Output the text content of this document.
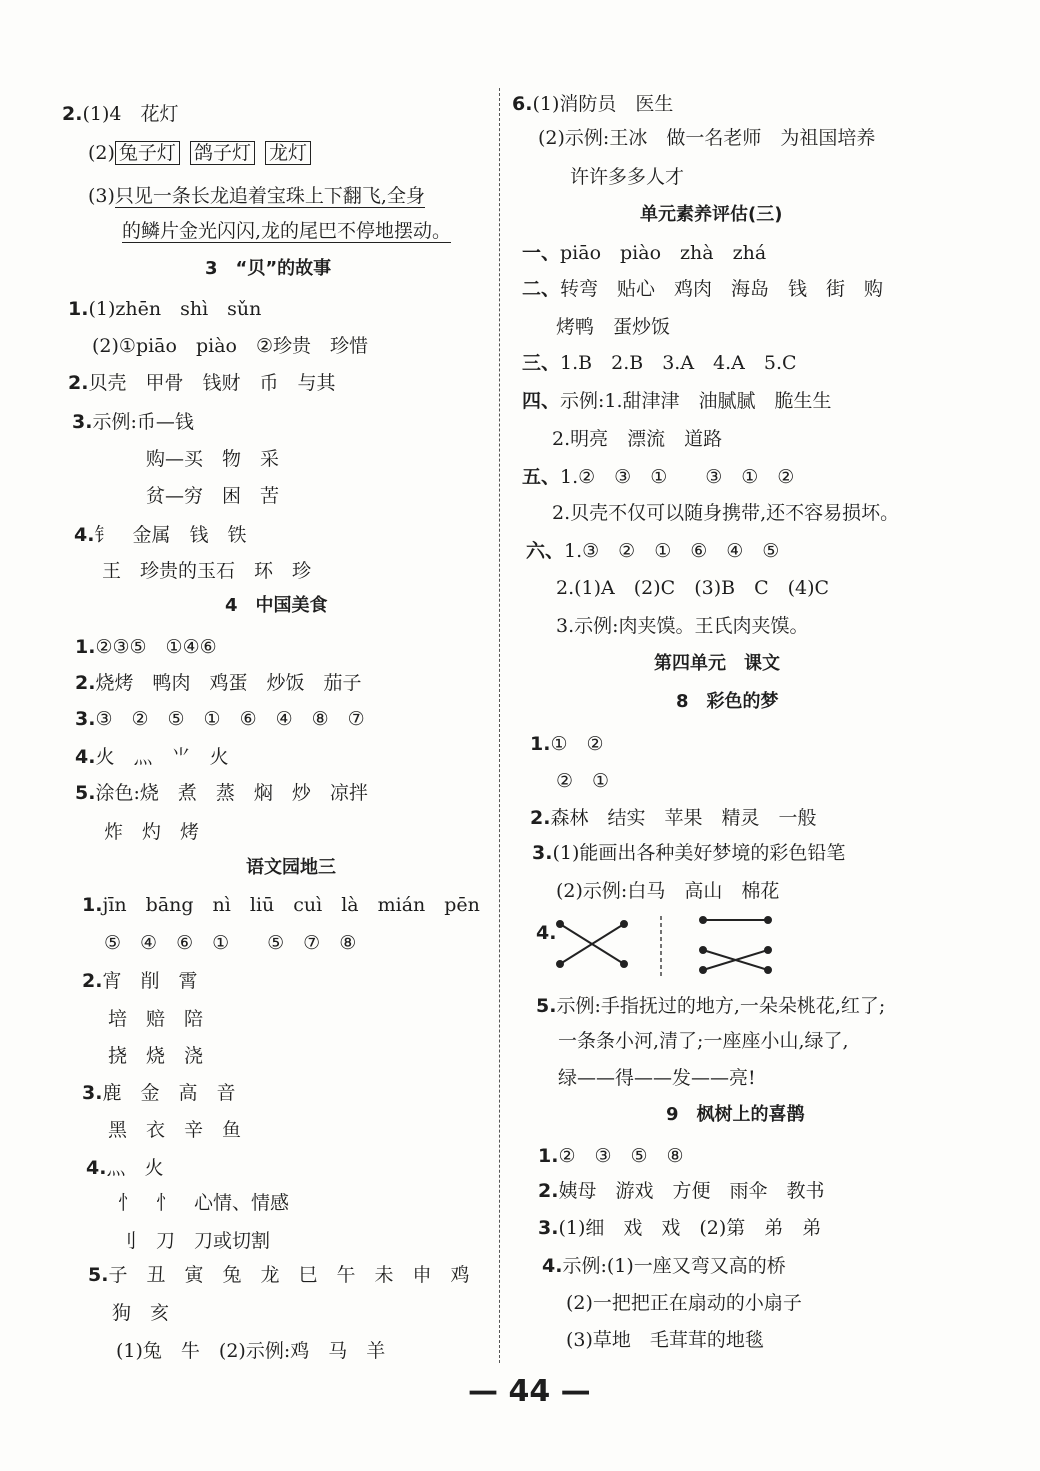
2.(1)4　花灯
(2) 兔子灯 鸽子灯 龙灯
(3)只见一条长龙追着宝珠上下翻飞,全身
的鳞片金光闪闪,龙的尾巴不停地摆动。
3　“贝”的故事
1.(1)zhēn　shì　sǔn
(2)①piāo　piào　②珍贵　珍惜
2.贝壳　甲骨　钱财　币　与其
3.示例:币—钱
购—买　物　采
贫—穷　困　苦
4.钅　金属　钱　铁
王　珍贵的玉石　环　珍
4　中国美食
1.②③⑤　①④⑥
2.烧烤　鸭肉　鸡蛋　炒饭　茄子
3.③　②　⑤　①　⑥　④　⑧　⑦
4.火　灬　⺌　火
5.涂色:烧　煮　蒸　焖　炒　凉拌
炸　灼　烤
语文园地三
1.jīn　bāng　nì　liū　cuì　là　mián　pēn
⑤　④　⑥　①　　⑤　⑦　⑧
2.宵　削　霄
培　赔　陪
挠　烧　浇
3.鹿　金　高　音
黑　衣　辛　鱼
4.灬　火
忄　忄　心情、情感
刂　刀　刀或切割
5.子　丑　寅　兔　龙　巳　午　未　申　鸡
狗　亥
(1)兔　牛　(2)示例:鸡　马　羊
6.(1)消防员　医生
(2)示例:王冰　做一名老师　为祖国培养
许许多多人才
单元素养评估(三)
一、piāo　piào　zhà　zhá
二、转弯　贴心　鸡肉　海岛　钱　街　购
烤鸭　蛋炒饭
三、1.B　2.B　3.A　4.A　5.C
四、示例:1.甜津津　油腻腻　脆生生
2.明亮　漂流　道路
五、1.②　③　①　　③　①　②
2.贝壳不仅可以随身携带,还不容易损坏。
六、1.③　②　①　⑥　④　⑤
2.(1)A　(2)C　(3)B　C　(4)C
3.示例:肉夹馍。王氏肉夹馍。
第四单元　课文
8　彩色的梦
1.①　②
②　①
2.森林　结实　苹果　精灵　一般
3.(1)能画出各种美好梦境的彩色铅笔
(2)示例:白马　高山　棉花
4.
5.示例:手指抚过的地方,一朵朵桃花,红了;
一条条小河,清了;一座座小山,绿了,
绿——得——发——亮!
9　枫树上的喜鹊
1.②　③　⑤　⑧
2.姨母　游戏　方便　雨伞　教书
3.(1)细　戏　戏　(2)第　弟　弟
4.示例:(1)一座又弯又高的桥
(2)一把把正在扇动的小扇子
(3)草地　毛茸茸的地毯
— 44 —
